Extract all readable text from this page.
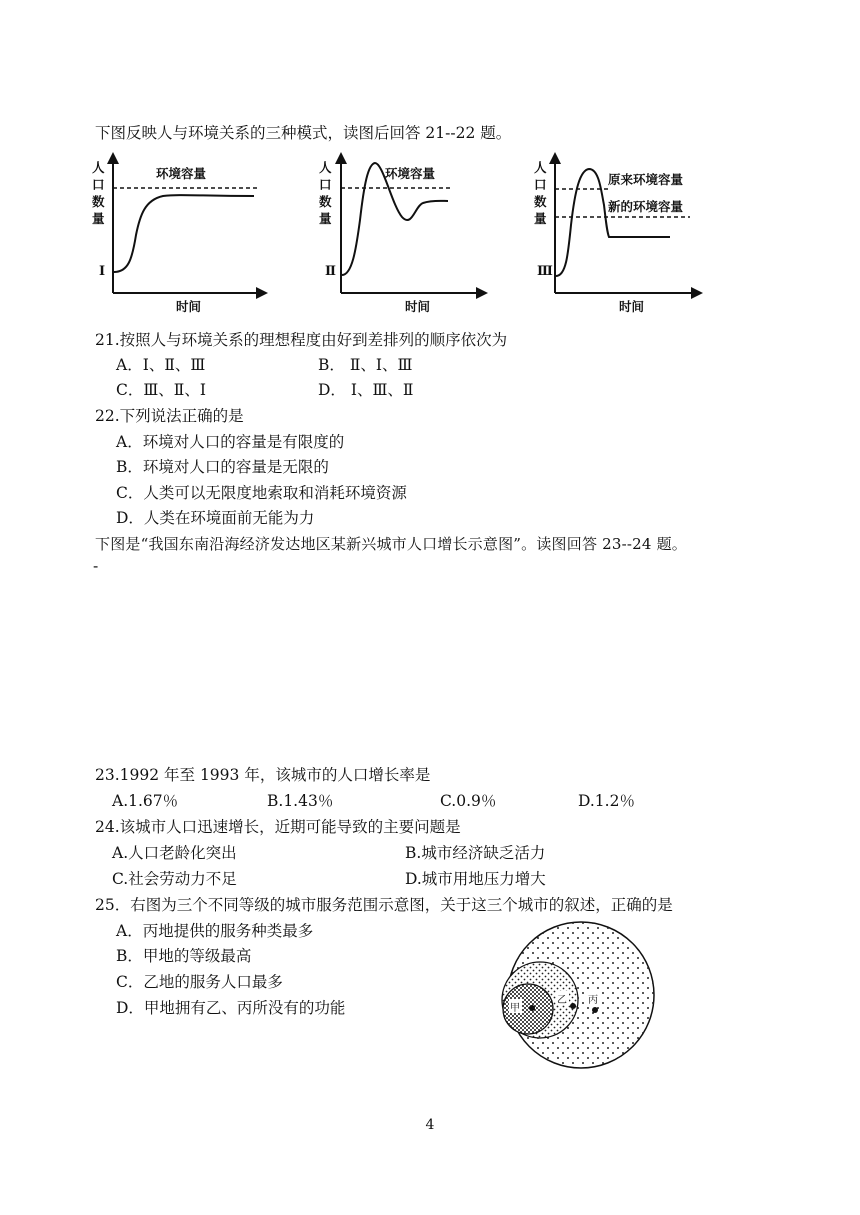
下图反映人与环境关系的三种模式，读图后回答 21--22 题。
人
口
数
量
Ⅰ
环境容量
时间
人
口
数
量
Ⅱ
环境容量
时间
人
口
数
量
Ⅲ
原来环境容量
新的环境容量
时间
21.按照人与环境关系的理想程度由好到差排列的顺序依次为
A．Ⅰ、Ⅱ、Ⅲ	B． Ⅱ、Ⅰ、Ⅲ
C．Ⅲ、Ⅱ、Ⅰ	D． Ⅰ、Ⅲ、Ⅱ
22.下列说法正确的是
A．环境对人口的容量是有限度的
B．环境对人口的容量是无限的
C．人类可以无限度地索取和消耗环境资源
D．人类在环境面前无能为力
下图是“我国东南沿海经济发达地区某新兴城市人口增长示意图”。读图回答 23--24 题。
-
23.1992 年至 1993 年，该城市的人口增长率是
A.1.67％	B.1.43％	C.0.9％	D.1.2％
24.该城市人口迅速增长，近期可能导致的主要问题是
A.人口老龄化突出	B.城市经济缺乏活力
C.社会劳动力不足	D.城市用地压力增大
25．右图为三个不同等级的城市服务范围示意图，关于这三个城市的叙述，正确的是
A．丙地提供的服务种类最多
B．甲地的等级最高
C．乙地的服务人口最多
D．甲地拥有乙、丙所没有的功能	甲
乙 丙
4
